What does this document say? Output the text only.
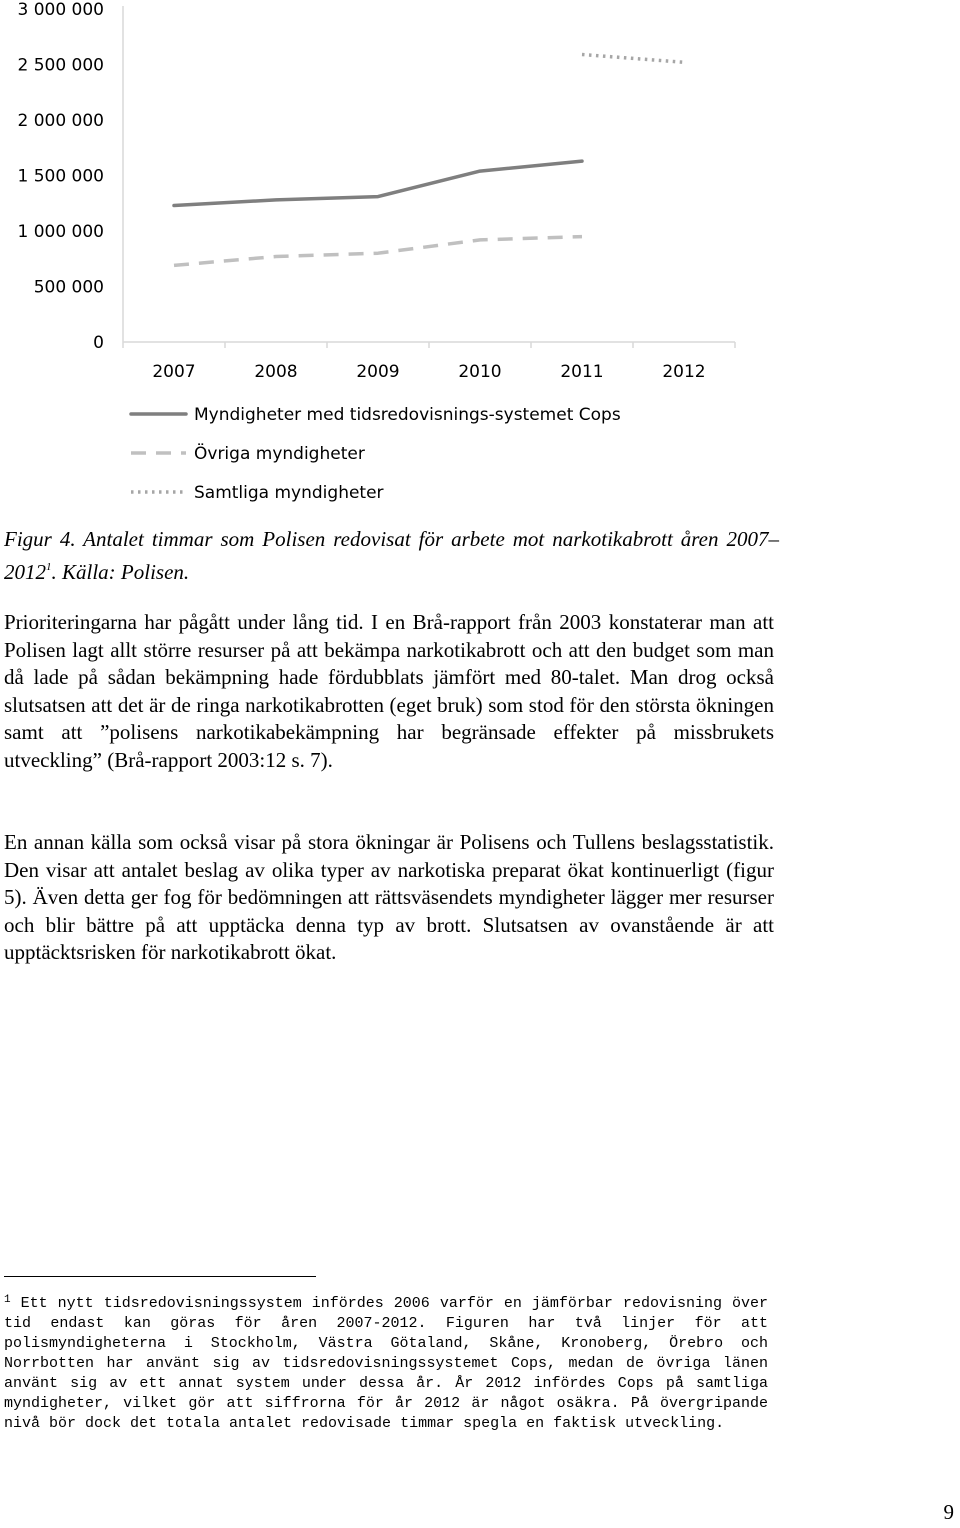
0
500 000
1 000 000
1 500 000
2 000 000
2 500 000
3 000 000
2007	2008	2009	2010	2011	2012
Myndigheter med tidsredovisnings-systemet Cops
Övriga myndigheter
Samtliga myndigheter

Figur 4. Antalet timmar som Polisen redovisat för arbete mot narkotikabrott åren 2007–2012$^1$. Källa: Polisen.

Prioriteringarna har pågått under lång tid. I en Brå-rapport från 2003 konstaterar man att Polisen lagt allt större resurser på att bekämpa narkotikabrott och att den budget som man då lade på sådan bekämpning hade fördubblats jämfört med 80-talet. Man drog också slutsatsen att det är de ringa narkotikabrotten (eget bruk) som stod för den största ökningen samt att ”polisens narkotikabekämpning har begränsade effekter på missbrukets utveckling” (Brå-rapport 2003:12 s. 7).

En annan källa som också visar på stora ökningar är Polisens och Tullens beslagsstatistik. Den visar att antalet beslag av olika typer av narkotiska preparat ökat kontinuerligt (figur 5). Även detta ger fog för bedömningen att rättsväsendets myndigheter lägger mer resurser och blir bättre på att upptäcka denna typ av brott. Slutsatsen av ovanstående är att upptäcktsrisken för narkotikabrott ökat.

$^1$ Ett nytt tidsredovisningssystem infördes 2006 varför en jämförbar redovisning över tid endast kan göras för åren 2007-2012. Figuren har två linjer för att polismyndigheterna i Stockholm, Västra Götaland, Skåne, Kronoberg, Örebro och Norrbotten har använt sig av tidsredovisningssystemet Cops, medan de övriga länen använt sig av ett annat system under dessa år. År 2012 infördes Cops på samtliga myndigheter, vilket gör att siffrorna för år 2012 är något osäkra. På övergripande nivå bör dock det totala antalet redovisade timmar spegla en faktisk utveckling.

9
